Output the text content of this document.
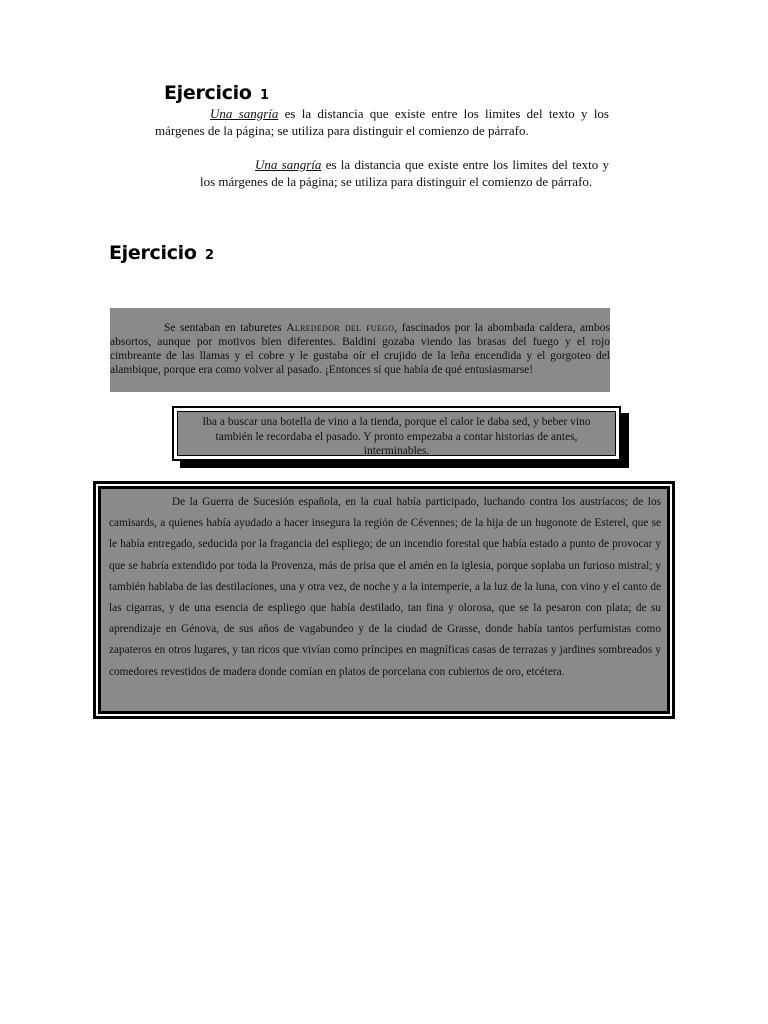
Ejercicio 1

Una sangría es la distancia que existe entre los limites del texto y los márgenes de la página; se utiliza para distinguir el comienzo de párrafo.

Una sangría es la distancia que existe entre los limites del texto y los márgenes de la página; se utiliza para distinguir el comienzo de párrafo.

Ejercicio 2

Se sentaban en taburetes Alrededor del fuego, fascinados por la abombada caldera, ambos absortos, aunque por motivos bien diferentes. Baldini gozaba viendo las brasas del fuego y el rojo cimbreante de las llamas y el cobre y le gustaba oír el crujido de la leña encendida y el gorgoteo del alambique, porque era como volver al pasado. ¡Entonces sí que había de qué entusiasmarse!

Iba a buscar una botella de vino a la tienda, porque el calor le daba sed, y beber vino también le recordaba el pasado. Y pronto empezaba a contar historias de antes, interminables.

De la Guerra de Sucesión española, en la cual había participado, luchando contra los austríacos; de los camisards, a quienes había ayudado a hacer insegura la región de Cévennes; de la hija de un hugonote de Esterel, que se le había entregado, seducida por la fragancia del espliego; de un incendio forestal que había estado a punto de provocar y que se habría extendido por toda la Provenza, más de prisa que el amén en la iglesia, porque soplaba un furioso mistral; y también hablaba de las destilaciones, una y otra vez, de noche y a la intemperie, a la luz de la luna, con vino y el canto de las cigarras, y de una esencia de espliego que había destilado, tan fina y olorosa, que se la pesaron con plata; de su aprendizaje en Génova, de sus años de vagabundeo y de la ciudad de Grasse, donde había tantos perfumistas como zapateros en otros lugares, y tan ricos que vivían como príncipes en magníficas casas de terrazas y jardines sombreados y comedores revestidos de madera donde comían en platos de porcelana con cubiertos de oro, etcétera.
